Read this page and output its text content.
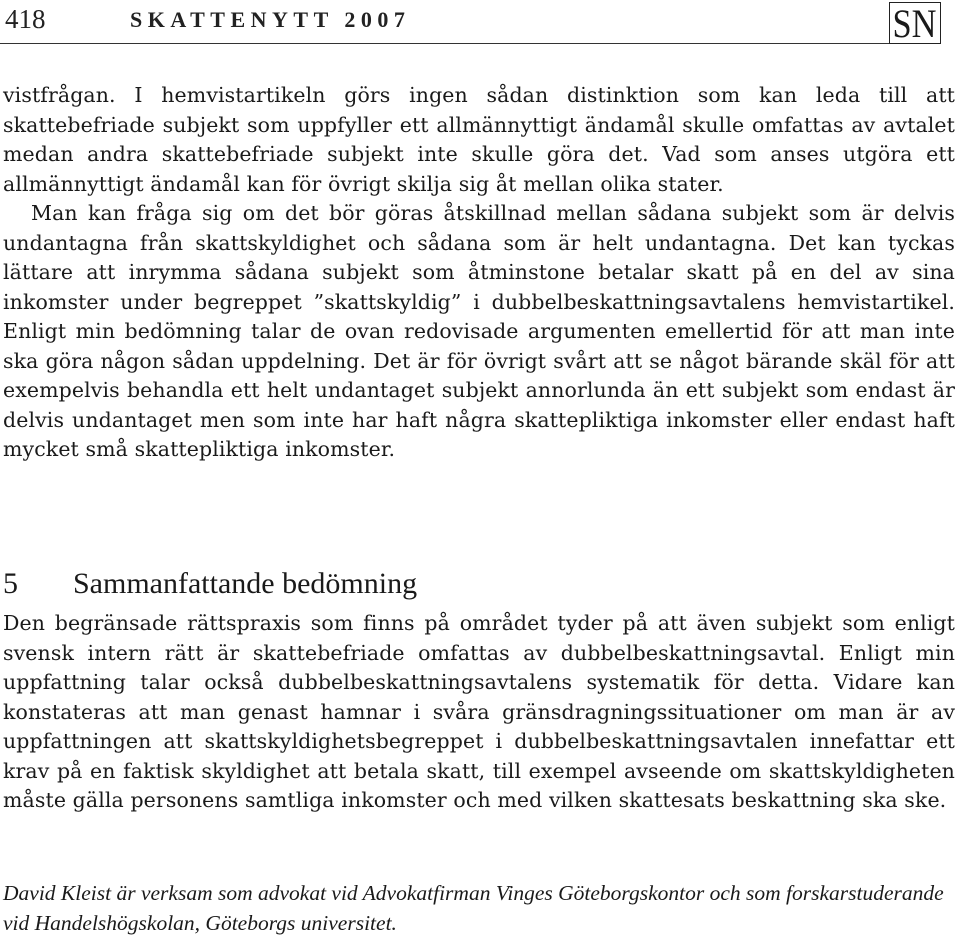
418	SKATTENYTT 2007	SN

vistfrågan. I hemvistartikeln görs ingen sådan distinktion som kan leda till att skattebefriade subjekt som uppfyller ett allmännyttigt ändamål skulle omfattas av avtalet medan andra skattebefriade subjekt inte skulle göra det. Vad som anses utgöra ett allmännyttigt ändamål kan för övrigt skilja sig åt mellan olika stater.

Man kan fråga sig om det bör göras åtskillnad mellan sådana subjekt som är delvis undantagna från skattskyldighet och sådana som är helt undantagna. Det kan tyckas lättare att inrymma sådana subjekt som åtminstone betalar skatt på en del av sina inkomster under begreppet ”skattskyldig” i dubbelbeskattningsavtalens hemvistartikel. Enligt min bedömning talar de ovan redovisade argumenten emellertid för att man inte ska göra någon sådan uppdelning. Det är för övrigt svårt att se något bärande skäl för att exempelvis behandla ett helt undantaget subjekt annorlunda än ett subjekt som endast är delvis undantaget men som inte har haft några skattepliktiga inkomster eller endast haft mycket små skattepliktiga inkomster.

5 Sammanfattande bedömning

Den begränsade rättspraxis som finns på området tyder på att även subjekt som enligt svensk intern rätt är skattebefriade omfattas av dubbelbeskattningsavtal. Enligt min uppfattning talar också dubbelbeskattningsavtalens systematik för detta. Vidare kan konstateras att man genast hamnar i svåra gränsdragningssituationer om man är av uppfattningen att skattskyldighetsbegreppet i dubbelbeskattningsavtalen innefattar ett krav på en faktisk skyldighet att betala skatt, till exempel avseende om skattskyldigheten måste gälla personens samtliga inkomster och med vilken skattesats beskattning ska ske.

David Kleist är verksam som advokat vid Advokatfirman Vinges Göteborgskontor och som forskarstuderande vid Handelshögskolan, Göteborgs universitet.
